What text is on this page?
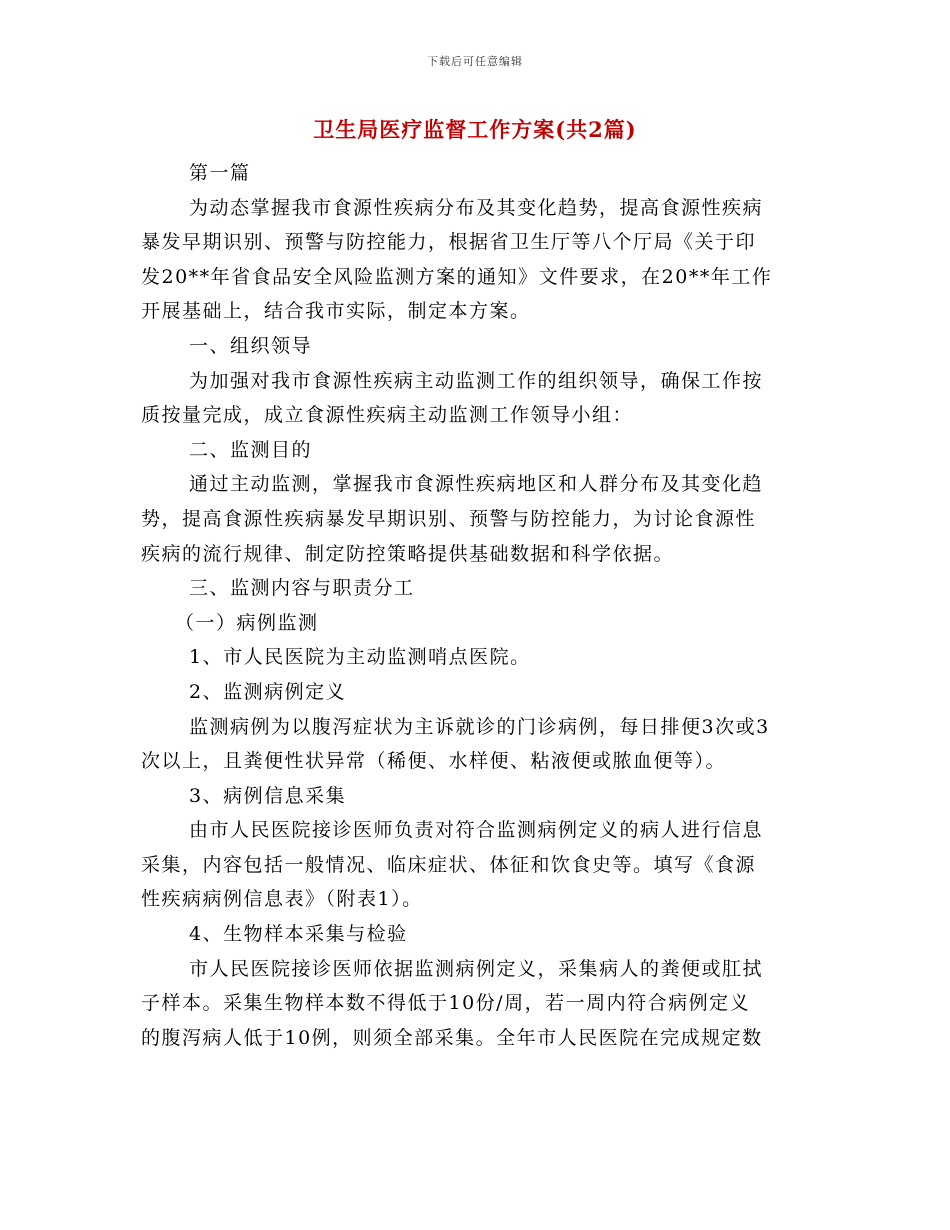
下载后可任意编辑
卫生局医疗监督工作方案(共2篇)
第一篇
为动态掌握我市食源性疾病分布及其变化趋势，提高食源性疾病
暴发早期识别、预警与防控能力，根据省卫生厅等八个厅局《关于印
发20**年省食品安全风险监测方案的通知》文件要求，在20**年工作
开展基础上，结合我市实际，制定本方案。
一、组织领导
为加强对我市食源性疾病主动监测工作的组织领导，确保工作按
质按量完成，成立食源性疾病主动监测工作领导小组：
二、监测目的
通过主动监测，掌握我市食源性疾病地区和人群分布及其变化趋
势，提高食源性疾病暴发早期识别、预警与防控能力，为讨论食源性
疾病的流行规律、制定防控策略提供基础数据和科学依据。
三、监测内容与职责分工
（一）病例监测
1、市人民医院为主动监测哨点医院。
2、监测病例定义
监测病例为以腹泻症状为主诉就诊的门诊病例，每日排便3次或3
次以上，且粪便性状异常（稀便、水样便、粘液便或脓血便等）。
3、病例信息采集
由市人民医院接诊医师负责对符合监测病例定义的病人进行信息
采集，内容包括一般情况、临床症状、体征和饮食史等。填写《食源
性疾病病例信息表》（附表1）。
4、生物样本采集与检验
市人民医院接诊医师依据监测病例定义，采集病人的粪便或肛拭
子样本。采集生物样本数不得低于10份/周，若一周内符合病例定义
的腹泻病人低于10例，则须全部采集。全年市人民医院在完成规定数
